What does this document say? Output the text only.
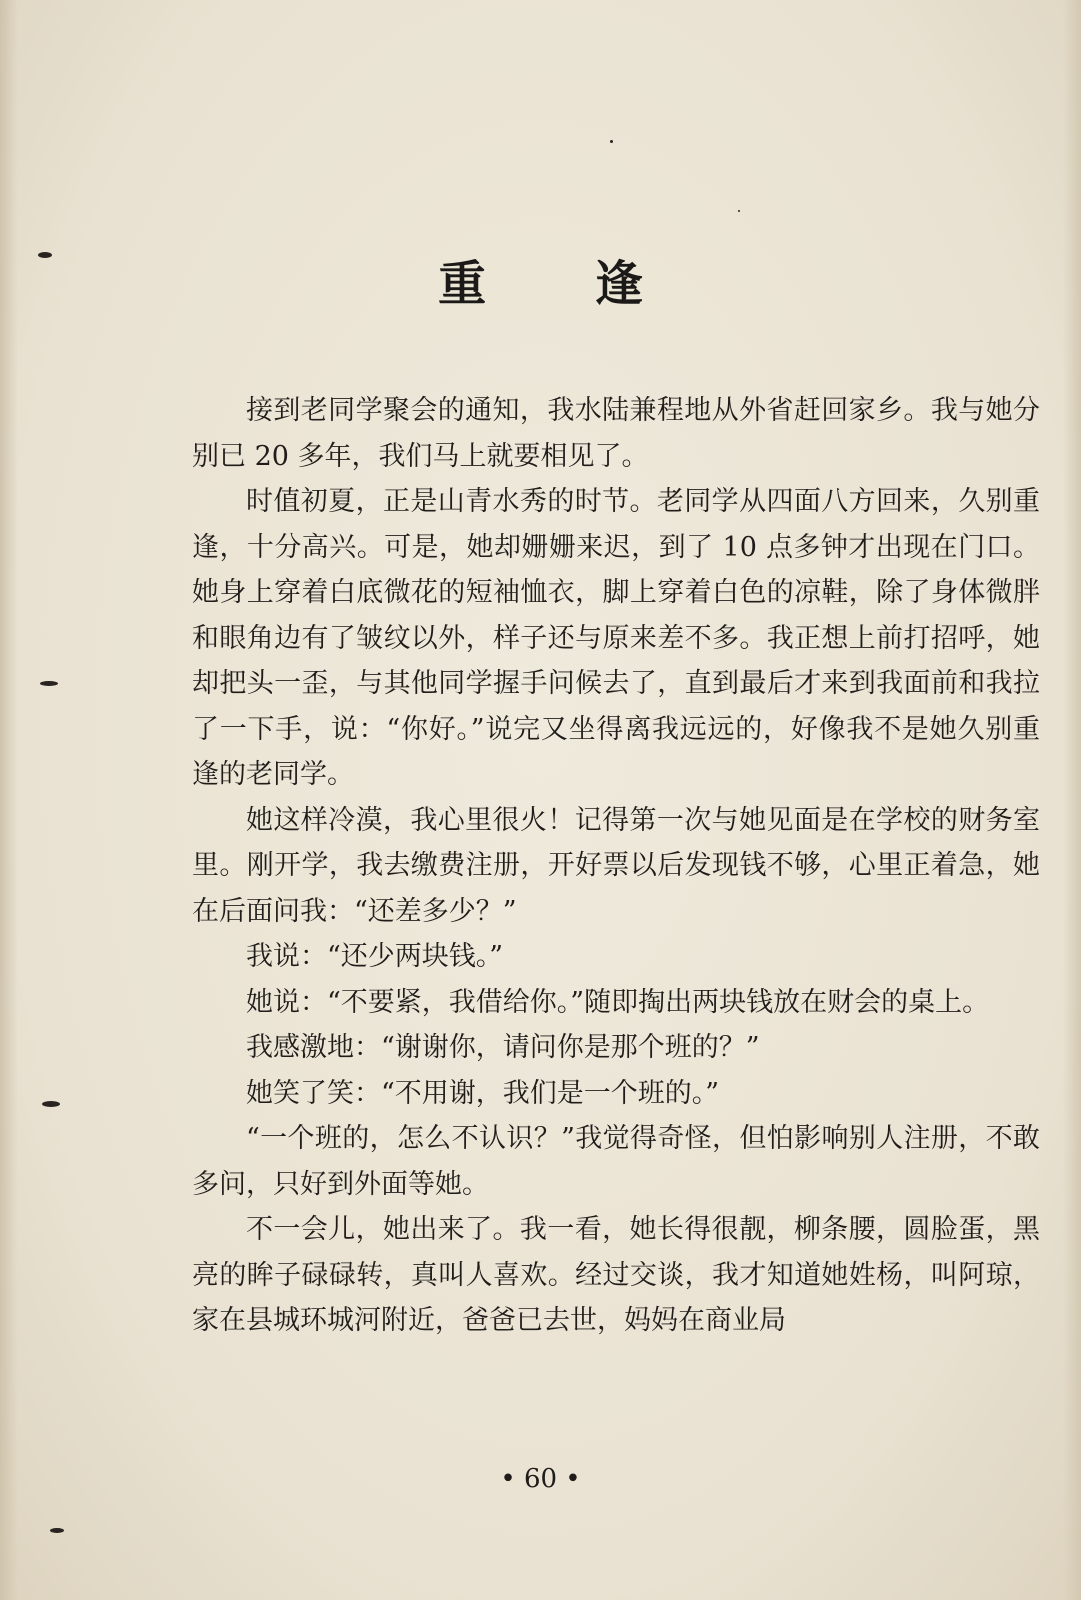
重 逢

接到老同学聚会的通知，我水陆兼程地从外省赶回家乡。我与她分别已 20 多年，我们马上就要相见了。

时值初夏，正是山青水秀的时节。老同学从四面八方回来，久别重逢，十分高兴。可是，她却姗姗来迟，到了 10 点多钟才出现在门口。她身上穿着白底微花的短袖恤衣，脚上穿着白色的凉鞋，除了身体微胖和眼角边有了皱纹以外，样子还与原来差不多。我正想上前打招呼，她却把头一歪，与其他同学握手问候去了，直到最后才来到我面前和我拉了一下手，说：“你好。”说完又坐得离我远远的，好像我不是她久别重逢的老同学。

她这样冷漠，我心里很火！记得第一次与她见面是在学校的财务室里。刚开学，我去缴费注册，开好票以后发现钱不够，心里正着急，她在后面问我：“还差多少？”

我说：“还少两块钱。”

她说：“不要紧，我借给你。”随即掏出两块钱放在财会的桌上。

我感激地：“谢谢你，请问你是那个班的？”

她笑了笑：“不用谢，我们是一个班的。”

“一个班的，怎么不认识？”我觉得奇怪，但怕影响别人注册，不敢多问，只好到外面等她。

不一会儿，她出来了。我一看，她长得很靓，柳条腰，圆脸蛋，黑亮的眸子碌碌转，真叫人喜欢。经过交谈，我才知道她姓杨，叫阿琼，家在县城环城河附近，爸爸已去世，妈妈在商业局

• 60 •
